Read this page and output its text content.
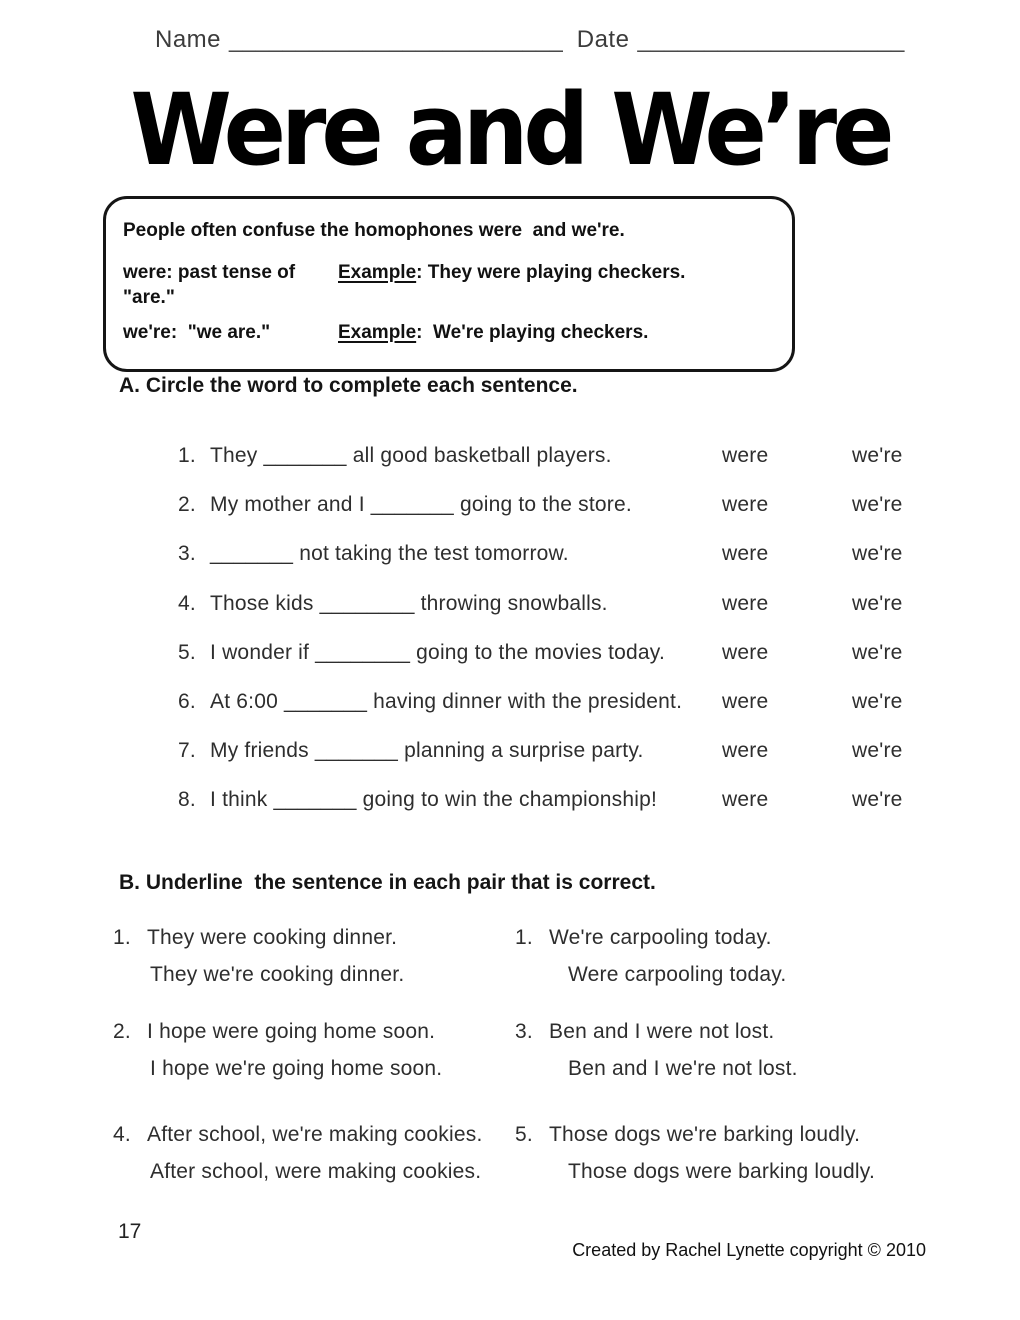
Name _________________________ Date ____________________
Were and We’re
People often confuse the homophones were  and we're.
were: past tense of "are."
Example: They were playing checkers.
we're:  "we are."	Example:  We're playing checkers.
A. Circle the word to complete each sentence.
1. They _______ all good basketball players.	were	we're
2. My mother and I _______ going to the store.	were	we're
3. _______ not taking the test tomorrow.	were	we're
4. Those kids ________ throwing snowballs.	were	we're
5. I wonder if ________ going to the movies today.	were	we're
6. At 6:00 _______ having dinner with the president. were	we're
7. My friends _______ planning a surprise party.	were	we're
8. I think _______ going to win the championship!	were	we're
B. Underline  the sentence in each pair that is correct.
1. They were cooking dinner.
They we're cooking dinner.
1. We're carpooling today.
Were carpooling today.
2. I hope were going home soon.
I hope we're going home soon.
3. Ben and I were not lost.
Ben and I we're not lost.
4. After school, we're making cookies.
After school, were making cookies.
5. Those dogs we're barking loudly.
Those dogs were barking loudly.
17
Created by Rachel Lynette copyright © 2010
